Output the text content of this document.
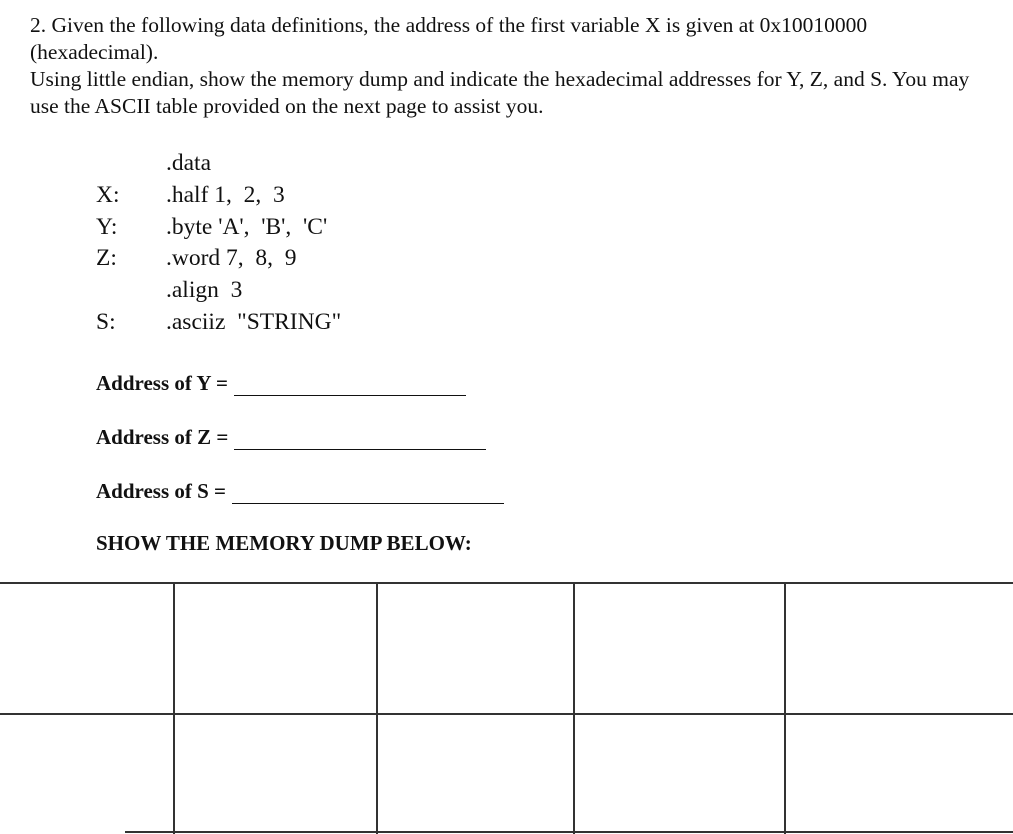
2. Given the following data definitions, the address of the first variable X is given at 0x10010000 (hexadecimal).

Using little endian, show the memory dump and indicate the hexadecimal addresses for Y, Z, and S. You may use the ASCII table provided on the next page to assist you.

.data
X:	.half 1,  2,  3
Y:	.byte 'A',  'B',  'C'
Z:	.word 7,  8,  9
.align  3
S:	.asciiz  "STRING"
Address of Y =
Address of Z =
Address of S =

SHOW THE MEMORY DUMP BELOW:
